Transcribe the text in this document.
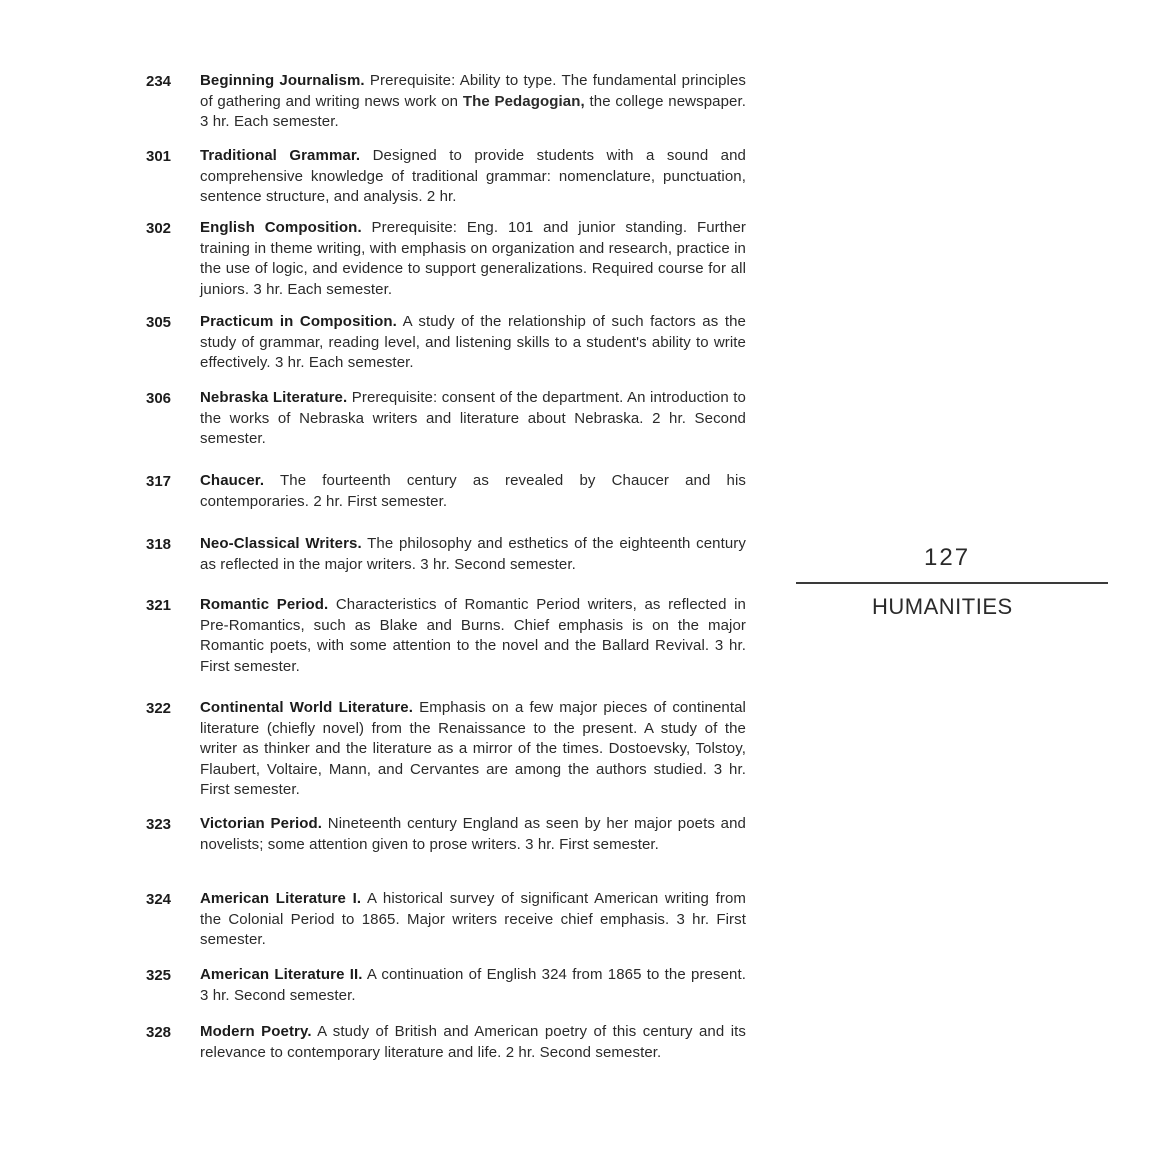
234	Beginning Journalism. Prerequisite: Ability to type. The fundamental principles of gathering and writing news work on The Pedagogian, the college newspaper. 3 hr. Each semester.
301	Traditional Grammar. Designed to provide students with a sound and comprehensive knowledge of traditional grammar: nomenclature, punctuation, sentence structure, and analysis. 2 hr.
302	English Composition. Prerequisite: Eng. 101 and junior standing. Further training in theme writing, with emphasis on organization and research, practice in the use of logic, and evidence to support generalizations. Required course for all juniors. 3 hr. Each semester.
305	Practicum in Composition. A study of the relationship of such factors as the study of grammar, reading level, and listening skills to a student's ability to write effectively. 3 hr. Each semester.
306	Nebraska Literature. Prerequisite: consent of the department. An introduction to the works of Nebraska writers and literature about Nebraska. 2 hr. Second semester.
317	Chaucer. The fourteenth century as revealed by Chaucer and his contemporaries. 2 hr. First semester.
318	Neo-Classical Writers. The philosophy and esthetics of the eighteenth century as reflected in the major writers. 3 hr. Second semester.
321	Romantic Period. Characteristics of Romantic Period writers, as reflected in Pre-Romantics, such as Blake and Burns. Chief emphasis is on the major Romantic poets, with some attention to the novel and the Ballard Revival. 3 hr. First semester.
322	Continental World Literature. Emphasis on a few major pieces of continental literature (chiefly novel) from the Renaissance to the present. A study of the writer as thinker and the literature as a mirror of the times. Dostoevsky, Tolstoy, Flaubert, Voltaire, Mann, and Cervantes are among the authors studied. 3 hr. First semester.
323	Victorian Period. Nineteenth century England as seen by her major poets and novelists; some attention given to prose writers. 3 hr. First semester.
324	American Literature I. A historical survey of significant American writing from the Colonial Period to 1865. Major writers receive chief emphasis. 3 hr. First semester.
325	American Literature II. A continuation of English 324 from 1865 to the present. 3 hr. Second semester.
328	Modern Poetry. A study of British and American poetry of this century and its relevance to contemporary literature and life. 2 hr. Second semester.
127
HUMANITIES
